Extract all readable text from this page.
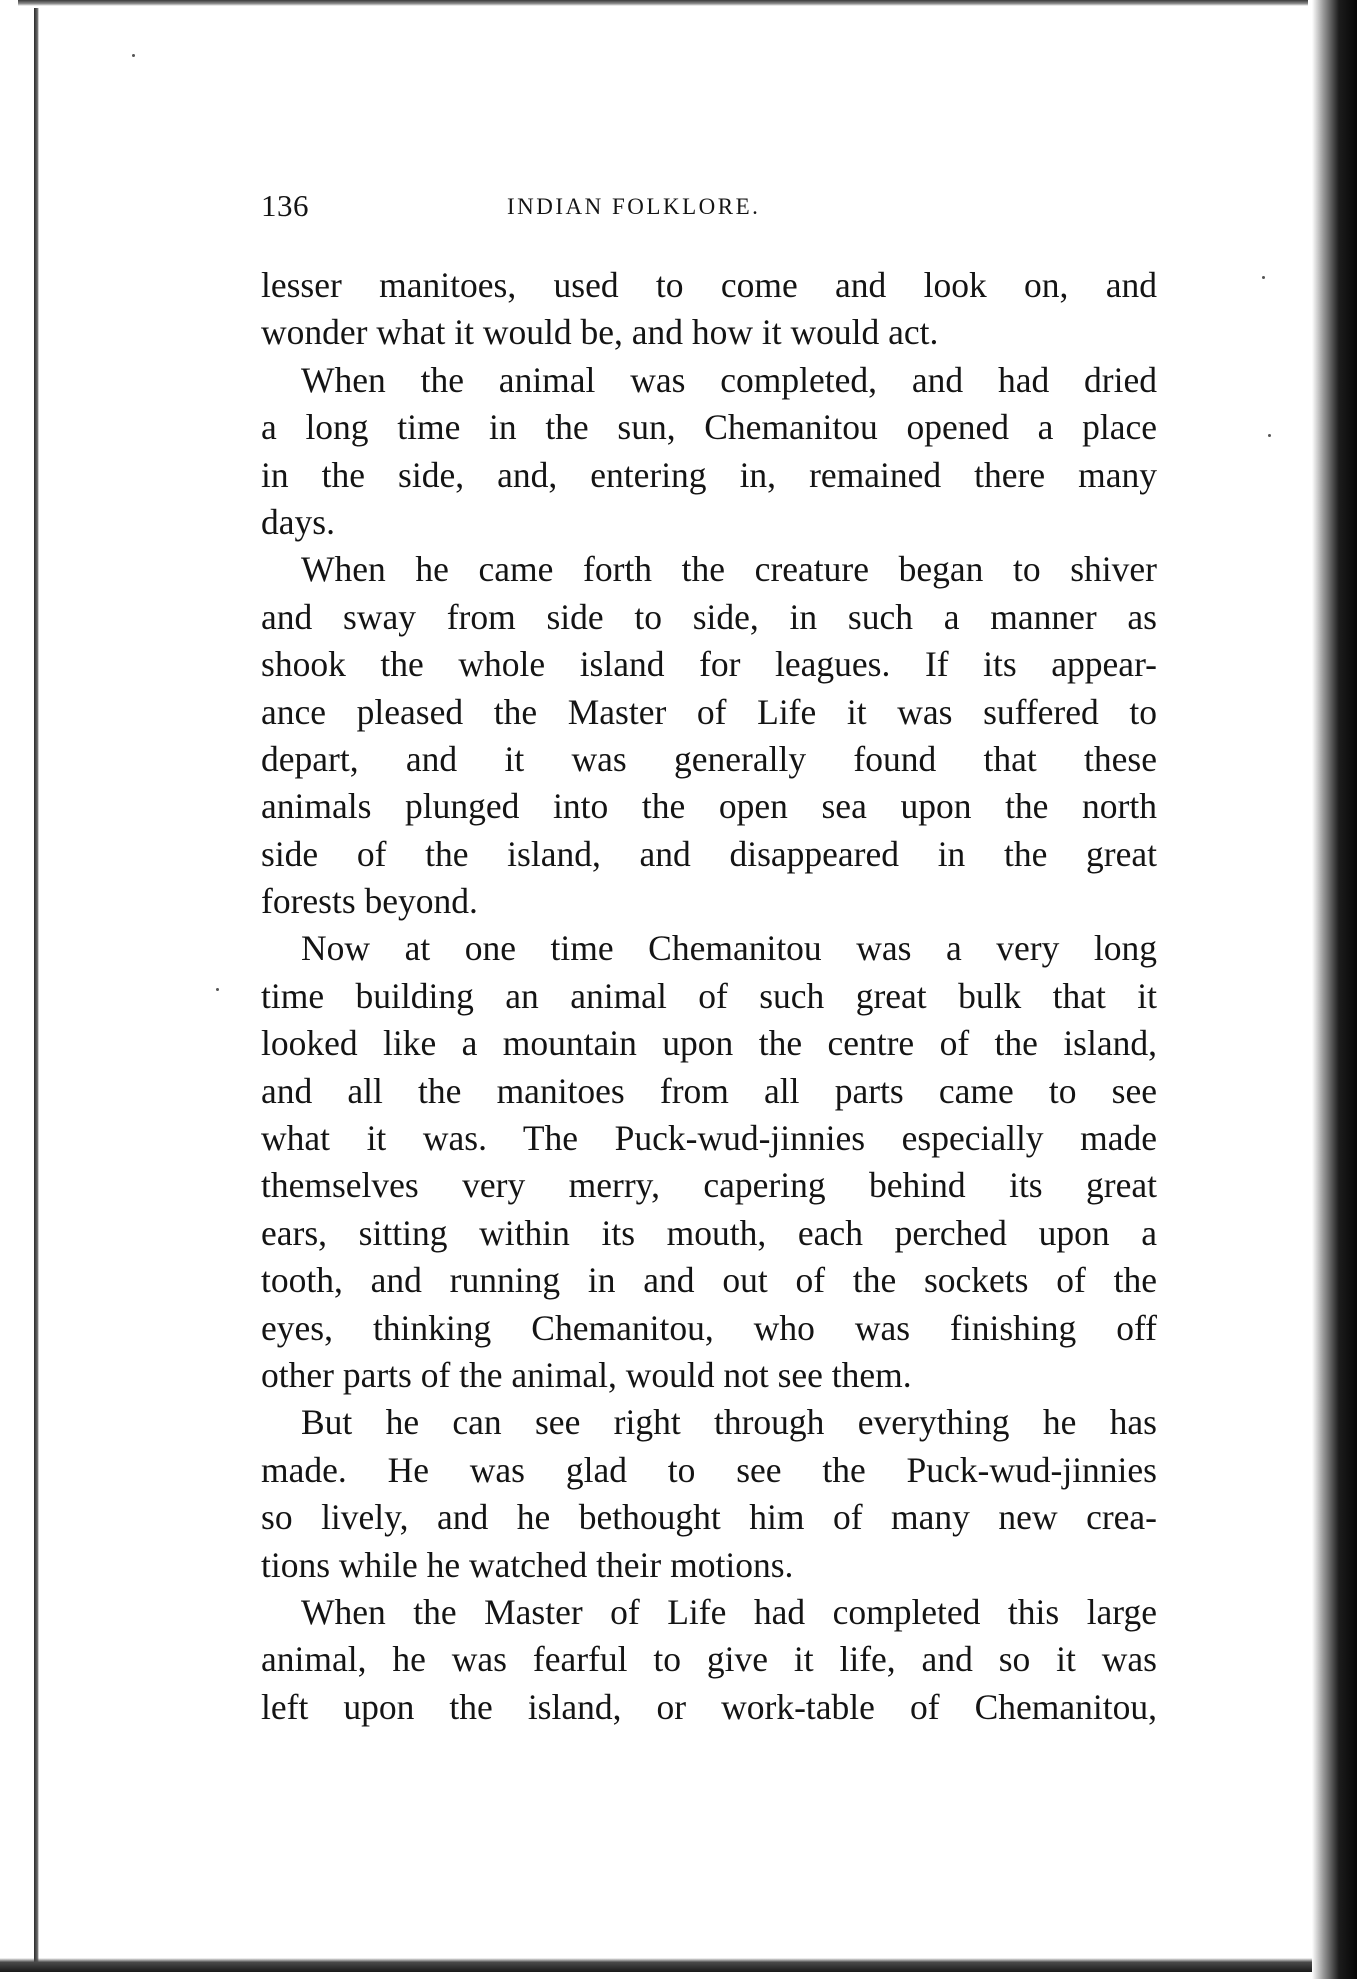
136	INDIAN FOLKLORE.

lesser manitoes, used to come and look on, and
wonder what it would be, and how it would act.

When the animal was completed, and had dried
a long time in the sun, Chemanitou opened a place
in the side, and, entering in, remained there many
days.

When he came forth the creature began to shiver
and sway from side to side, in such a manner as
shook the whole island for leagues. If its appear-
ance pleased the Master of Life it was suffered to
depart, and it was generally found that these
animals plunged into the open sea upon the north
side of the island, and disappeared in the great
forests beyond.

Now at one time Chemanitou was a very long
time building an animal of such great bulk that it
looked like a mountain upon the centre of the island,
and all the manitoes from all parts came to see
what it was. The Puck-wud-jinnies especially made
themselves very merry, capering behind its great
ears, sitting within its mouth, each perched upon a
tooth, and running in and out of the sockets of the
eyes, thinking Chemanitou, who was finishing off
other parts of the animal, would not see them.

But he can see right through everything he has
made. He was glad to see the Puck-wud-jinnies
so lively, and he bethought him of many new crea-
tions while he watched their motions.

When the Master of Life had completed this large
animal, he was fearful to give it life, and so it was
left upon the island, or work-table of Chemanitou,
